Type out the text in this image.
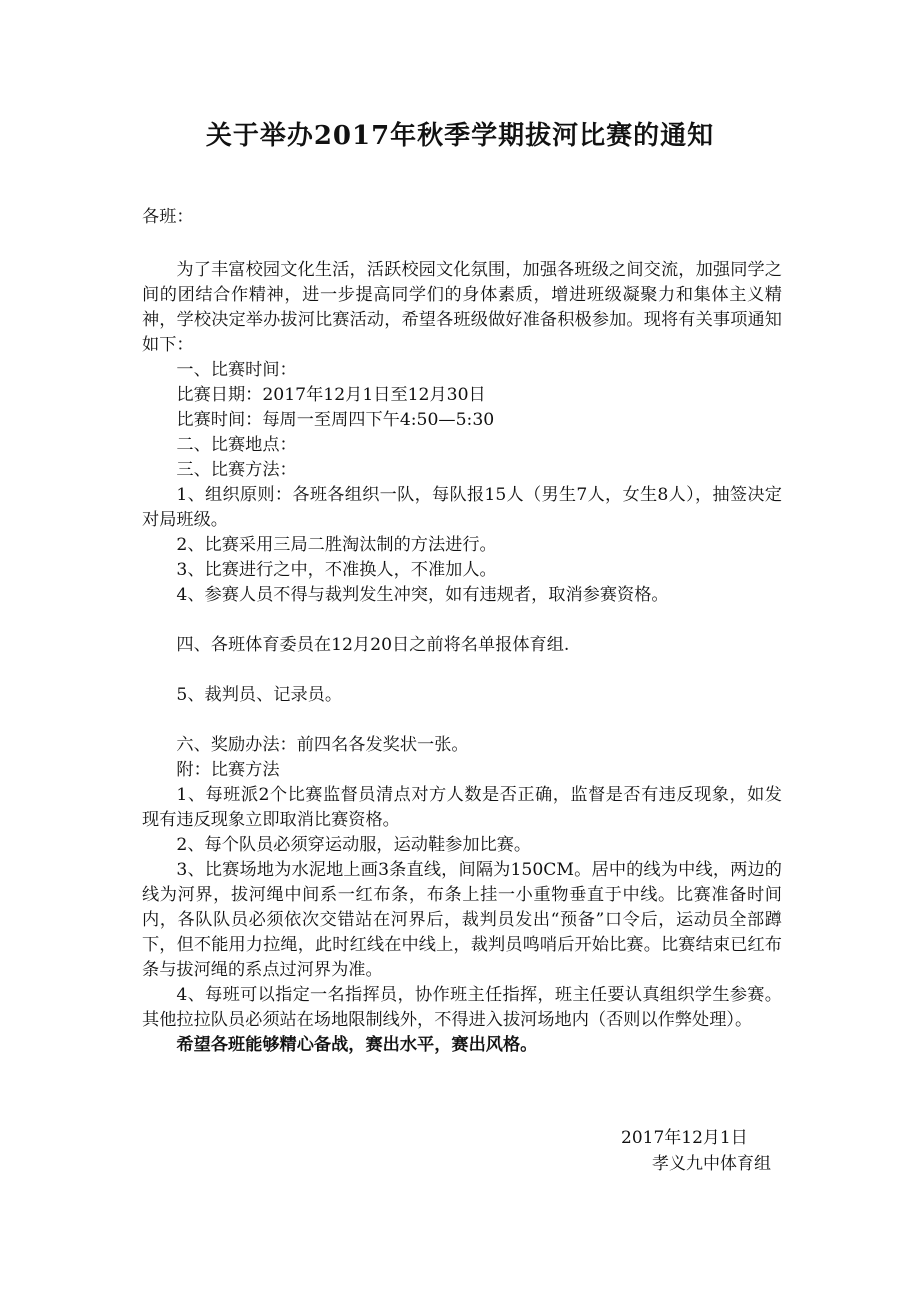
关于举办2017年秋季学期拔河比赛的通知

各班：

为了丰富校园文化生活，活跃校园文化氛围，加强各班级之间交流，加强同学之间的团结合作精神，进一步提高同学们的身体素质，增进班级凝聚力和集体主义精神，学校决定举办拔河比赛活动，希望各班级做好准备积极参加。现将有关事项通知如下：

一、比赛时间：

比赛日期：2017年12月1日至12月30日

比赛时间：每周一至周四下午4:50—5:30

二、比赛地点：

三、比赛方法：

1、组织原则：各班各组织一队，每队报15人（男生7人，女生8人），抽签决定对局班级。

2、比赛采用三局二胜淘汰制的方法进行。

3、比赛进行之中，不准换人，不准加人。

4、参赛人员不得与裁判发生冲突，如有违规者，取消参赛资格。

四、各班体育委员在12月20日之前将名单报体育组.

5、裁判员、记录员。

六、奖励办法：前四名各发奖状一张。

附：比赛方法

1、每班派2个比赛监督员清点对方人数是否正确，监督是否有违反现象，如发现有违反现象立即取消比赛资格。

2、每个队员必须穿运动服，运动鞋参加比赛。

3、比赛场地为水泥地上画3条直线，间隔为150CM。居中的线为中线，两边的线为河界，拔河绳中间系一红布条，布条上挂一小重物垂直于中线。比赛准备时间内，各队队员必须依次交错站在河界后，裁判员发出“预备”口令后，运动员全部蹲下，但不能用力拉绳，此时红线在中线上，裁判员鸣哨后开始比赛。比赛结束已红布条与拔河绳的系点过河界为准。

4、每班可以指定一名指挥员，协作班主任指挥，班主任要认真组织学生参赛。其他拉拉队员必须站在场地限制线外，不得进入拔河场地内（否则以作弊处理）。

希望各班能够精心备战，赛出水平，赛出风格。

2017年12月1日
孝义九中体育组
